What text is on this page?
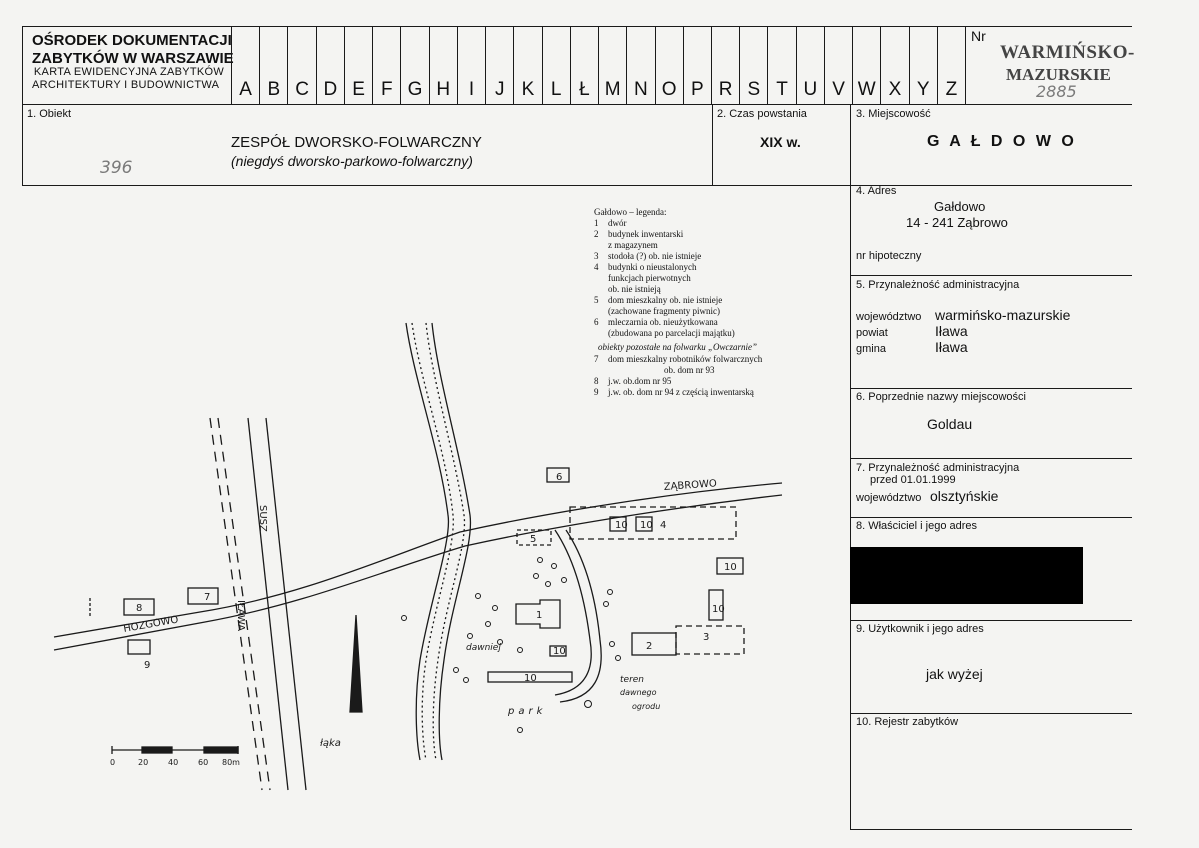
OŚRODEK DOKUMENTACJI
ZABYTKÓW W WARSZAWIE
KARTA EWIDENCYJNA ZABYTKÓW
ARCHITEKTURY I BUDOWNICTWA	A B C D E F G H I	J K L Ł M N O P R S T U V W X Y Z
Nr
WARMIŃSKO-
MAZURSKIE
2885
1. Obiekt
ZESPÓŁ DWORSKO-FOLWARCZNY
(niegdyś dworsko-parkowo-folwarczny)
396
2. Czas powstania
XIX w.
3. Miejscowość
G A Ł D O W O
4. Adres
Gałdowo
14 - 241 Ząbrowo
nr hipoteczny
5. Przynależność administracyjna
województwo warmińsko-mazurskie
powiat	Iława
gmina	Iława
6. Poprzednie nazwy miejscowości
Goldau
7. Przynależność administracyjna
przed 01.01.1999
województwo olsztyńskie
8. Właściciel i jego adres
9. Użytkownik i jego adres
jak wyżej
10. Rejestr zabytków
Gałdowo – legenda:
1	dwór
2	budynek inwentarski
z magazynem
3	stodoła (?) ob. nie istnieje
4	budynki o nieustalonych
funkcjach pierwotnych
ob. nie istnieją
5	dom mieszkalny ob. nie istnieje
(zachowane fragmenty piwnic)
6	mleczarnia ob. nieużytkowana
(zbudowana po parcelacji majątku)
obiekty pozostałe na folwarku „Owczarnie”
7	dom mieszkalny robotników folwarcznych
ob. dom nr 93
8	j.w. ob.dom nr 95
9	j.w. ob. dom nr 94 z częścią inwentarską
ZĄBROWO
SUSZ
HOZGOWO	IŁAWA
łąka
park
dawniej
teren
dawnego
ogrodu
1
2
3
4
5
6
7
8
9
10 10
10
10
10
10
0	20 40 60 80m
